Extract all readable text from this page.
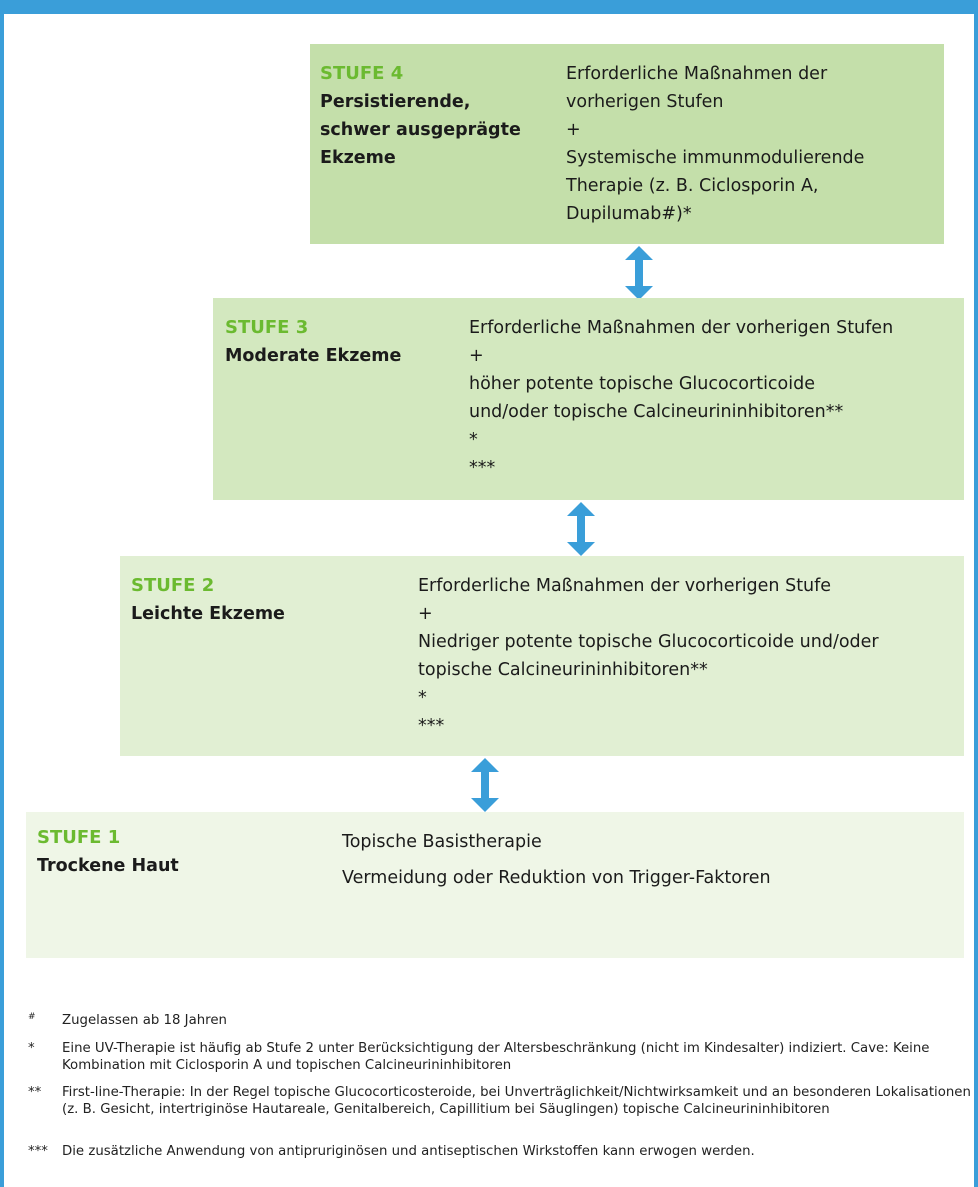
STUFE 4
Persistierende,
schwer ausgeprägte
Ekzeme
Erforderliche Maßnahmen der
vorherigen Stufen
+
Systemische immunmodulierende
Therapie (z. B. Ciclosporin A,
Dupilumab#)*
STUFE 3
Moderate Ekzeme
Erforderliche Maßnahmen der vorherigen Stufen
+
höher potente topische Glucocorticoide
und/oder topische Calcineurininhibitoren**
*
***
STUFE 2
Leichte Ekzeme
Erforderliche Maßnahmen der vorherigen Stufe
+
Niedriger potente topische Glucocorticoide und/oder
topische Calcineurininhibitoren**
*
***
STUFE 1
Trockene Haut
Topische Basistherapie
Vermeidung oder Reduktion von Trigger-Faktoren
# Zugelassen ab 18 Jahren
* Eine UV-Therapie ist häufig ab Stufe 2 unter Berücksichtigung der Altersbeschränkung (nicht im Kindesalter) indiziert. Cave: Keine Kombination mit Ciclosporin A und topischen Calcineurininhibitoren
** First-line-Therapie: In der Regel topische Glucocorticosteroide, bei Unverträglichkeit/Nichtwirksamkeit und an besonderen Lokalisationen (z. B. Gesicht, intertriginöse Hautareale, Genitalbereich, Capillitium bei Säuglingen) topische Calcineurininhibitoren
*** Die zusätzliche Anwendung von antipruriginösen und antiseptischen Wirkstoffen kann erwogen werden.
